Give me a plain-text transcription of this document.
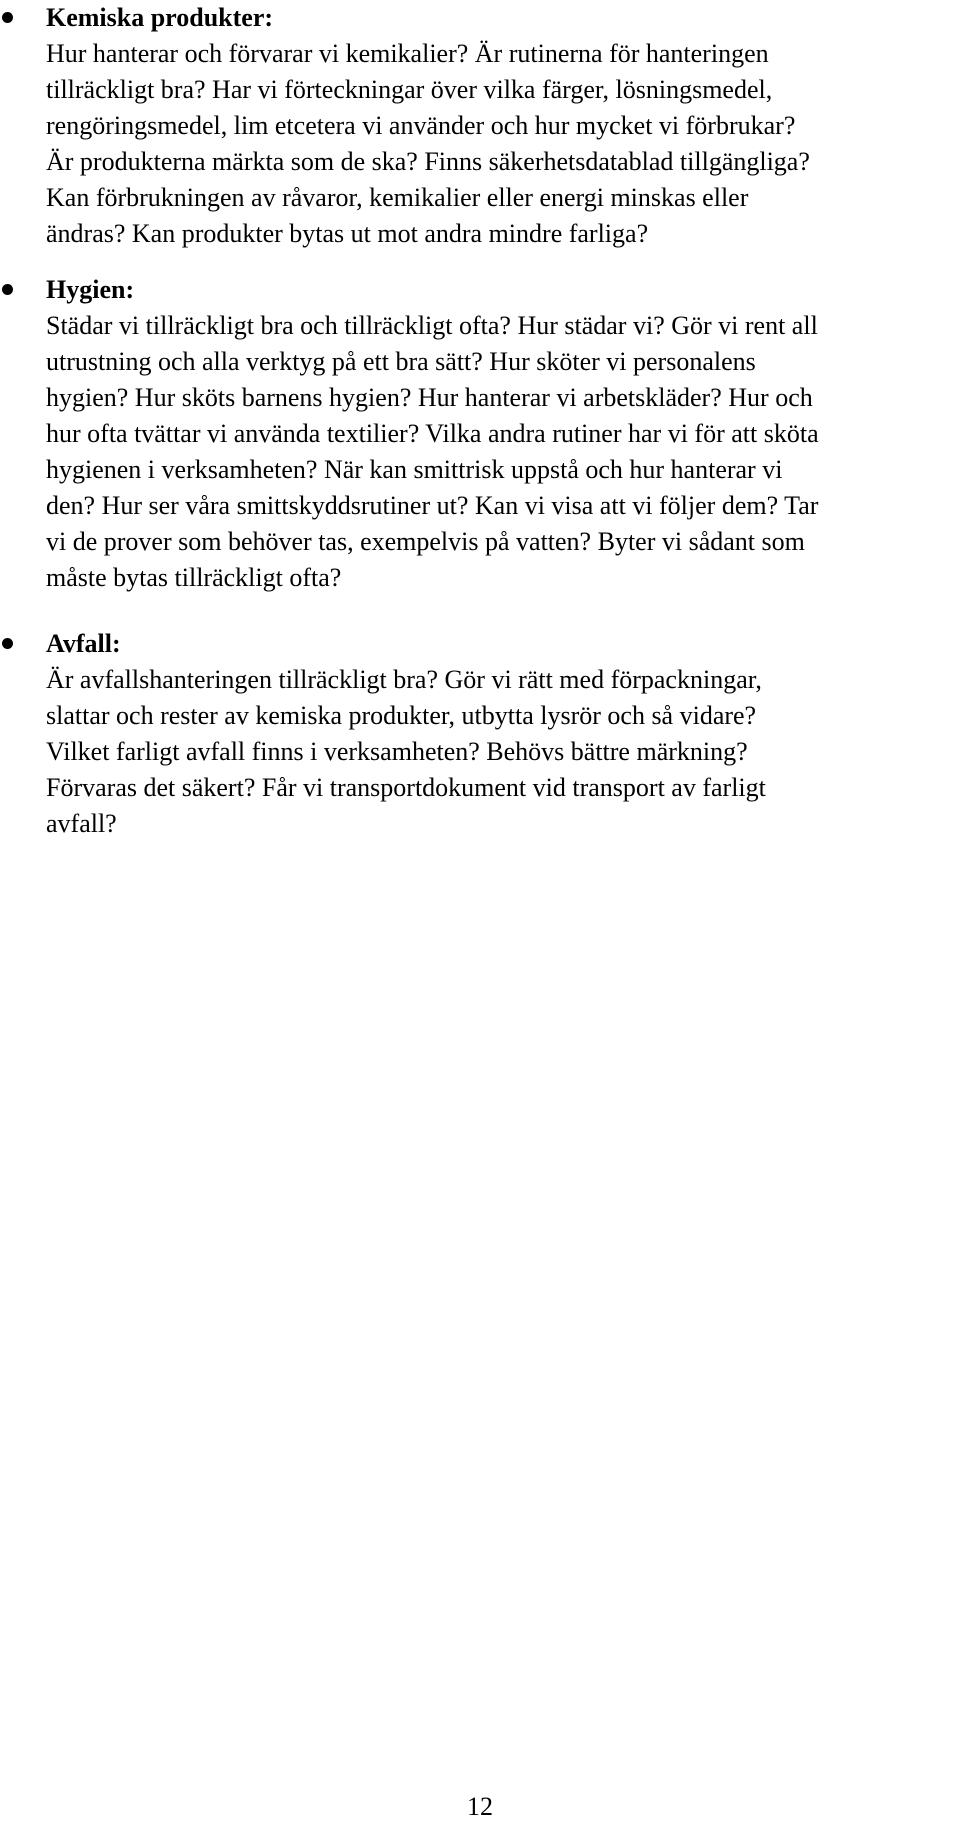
Kemiska produkter:

Hur hanterar och förvarar vi kemikalier? Är rutinerna för hanteringen

tillräckligt bra? Har vi förteckningar över vilka färger, lösningsmedel,

rengöringsmedel, lim etcetera vi använder och hur mycket vi förbrukar?

Är produkterna märkta som de ska? Finns säkerhetsdatablad tillgängliga?

Kan förbrukningen av råvaror, kemikalier eller energi minskas eller

ändras? Kan produkter bytas ut mot andra mindre farliga?

Hygien:

Städar vi tillräckligt bra och tillräckligt ofta? Hur städar vi? Gör vi rent all

utrustning och alla verktyg på ett bra sätt? Hur sköter vi personalens

hygien? Hur sköts barnens hygien? Hur hanterar vi arbetskläder? Hur och

hur ofta tvättar vi använda textilier? Vilka andra rutiner har vi för att sköta

hygienen i verksamheten? När kan smittrisk uppstå och hur hanterar vi

den? Hur ser våra smittskyddsrutiner ut? Kan vi visa att vi följer dem? Tar

vi de prover som behöver tas, exempelvis på vatten? Byter vi sådant som

måste bytas tillräckligt ofta?

Avfall:

Är avfallshanteringen tillräckligt bra? Gör vi rätt med förpackningar,

slattar och rester av kemiska produkter, utbytta lysrör och så vidare?

Vilket farligt avfall finns i verksamheten? Behövs bättre märkning?

Förvaras det säkert? Får vi transportdokument vid transport av farligt

avfall?

12
